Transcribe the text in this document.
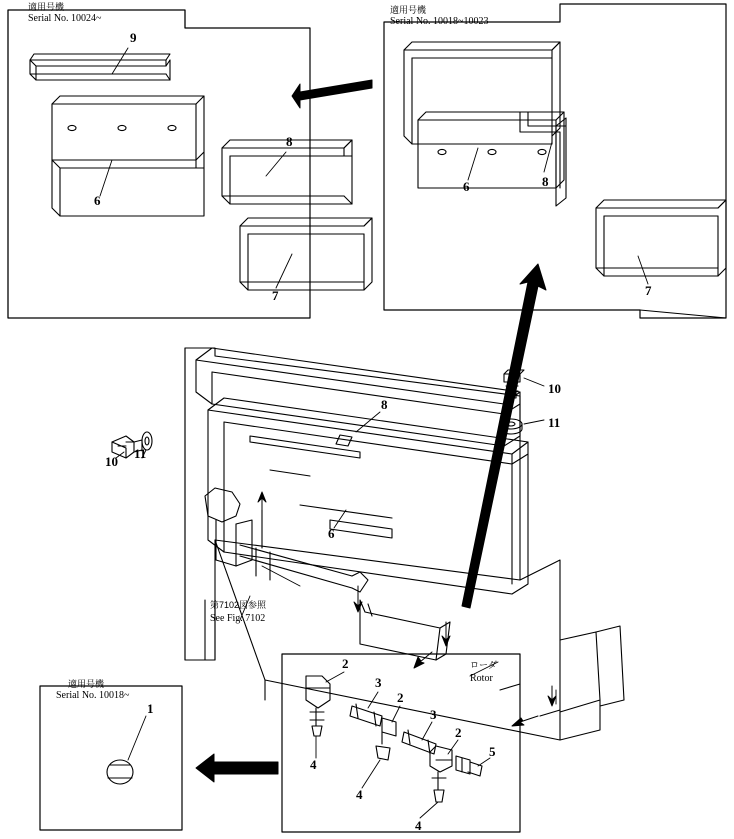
適用号機
Serial No. 10024~
適用号機
Serial No. 10018~10023
適用号機
Serial No. 10018~
第7102図参照
See Fig. 7102
ローダ
Rotor
9
6
8
7
6	8
7
8
6
10
11
10
11
2
3
2
3
2
5
4
4
4
1
